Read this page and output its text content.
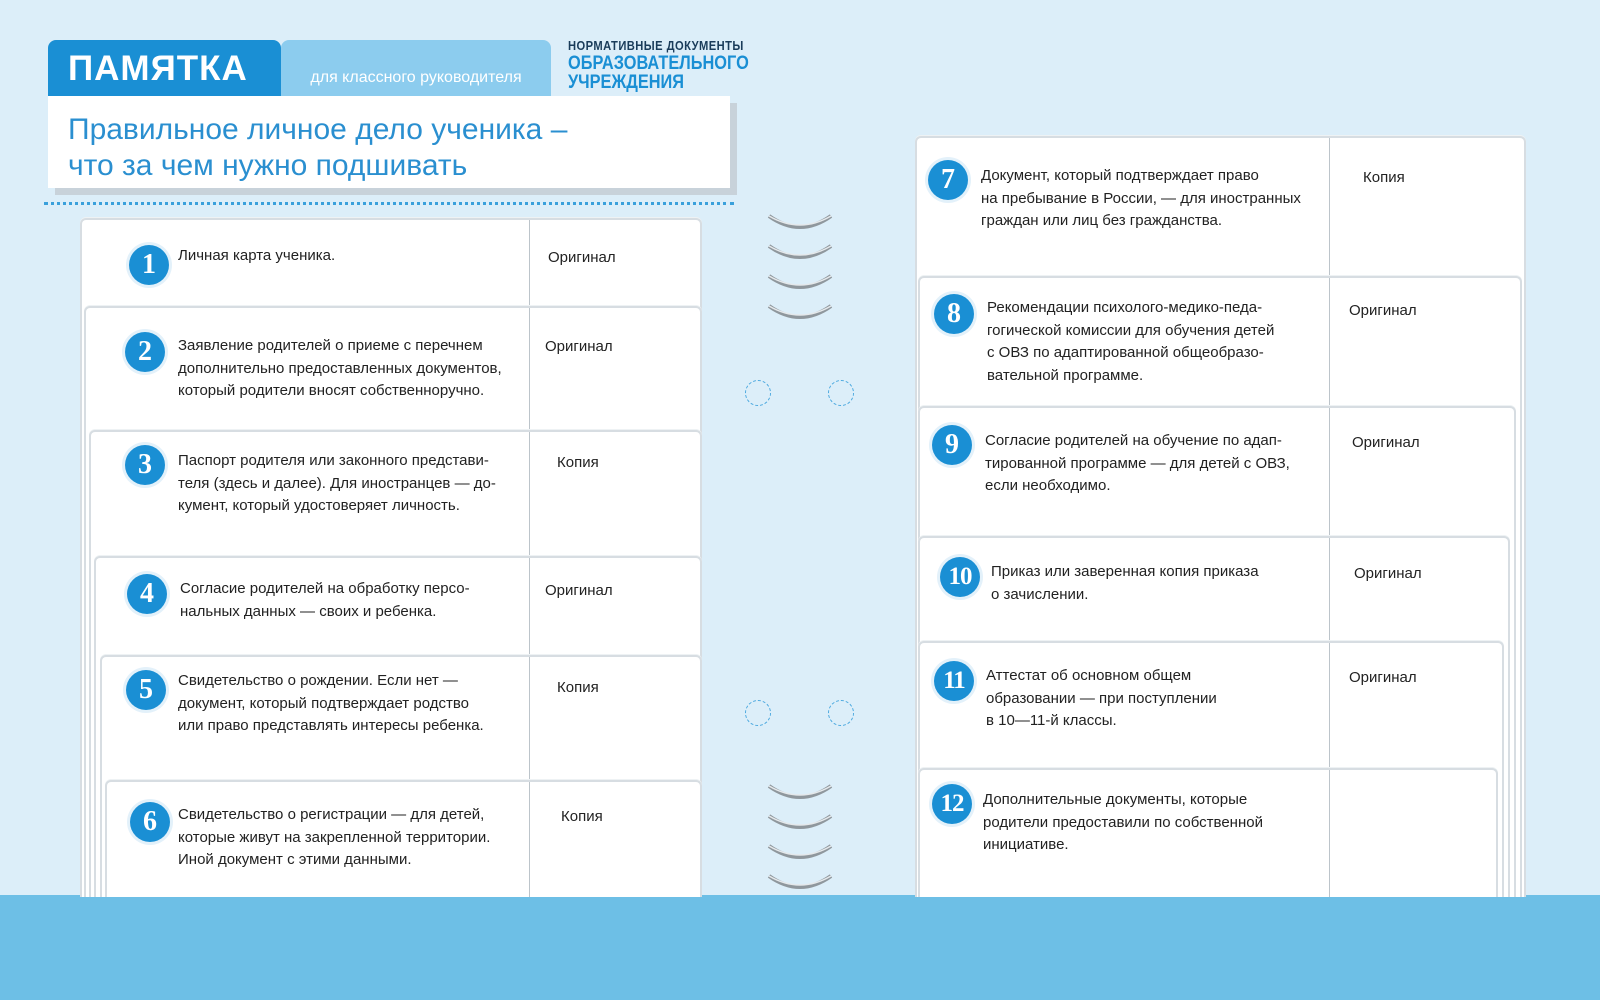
ПАМЯТКА	для классного руководителя
НОРМАТИВНЫЕ ДОКУМЕНТЫ
ОБРАЗОВАТЕЛЬНОГО
УЧРЕЖДЕНИЯ
Правильное личное дело ученика –
что за чем нужно подшивать
1	Личная карта ученика.	Оригинал
2	Заявление родителей о приеме с перечнем
дополнительно предоставленных документов,
который родители вносят собственноручно.
Оригинал
3	Паспорт родителя или законного представи-
теля (здесь и далее). Для иностранцев — до-
кумент, который удостоверяет личность.
Копия
4	Согласие родителей на обработку персо-
нальных данных — своих и ребенка.
Оригинал
5	Свидетельство о рождении. Если нет —
документ, который подтверждает родство
или право представлять интересы ребенка.
Копия
6	Свидетельство о регистрации — для детей,
которые живут на закрепленной территории.
Иной документ с этими данными.
Копия
7	Документ, который подтверждает право
на пребывание в России, — для иностранных
граждан или лиц без гражданства.
Копия
8	Рекомендации психолого-медико-педа-
гогической комиссии для обучения детей
с ОВЗ по адаптированной общеобразо-
вательной программе.
Оригинал
9	Согласие родителей на обучение по адап-
тированной программе — для детей с ОВЗ,
если необходимо.
Оригинал
10	Приказ или заверенная копия приказа
о зачислении.
Оригинал
11	Аттестат об основном общем
образовании — при поступлении
в 10—11-й классы.
Оригинал
12	Дополнительные документы, которые
родители предоставили по собственной
инициативе.
